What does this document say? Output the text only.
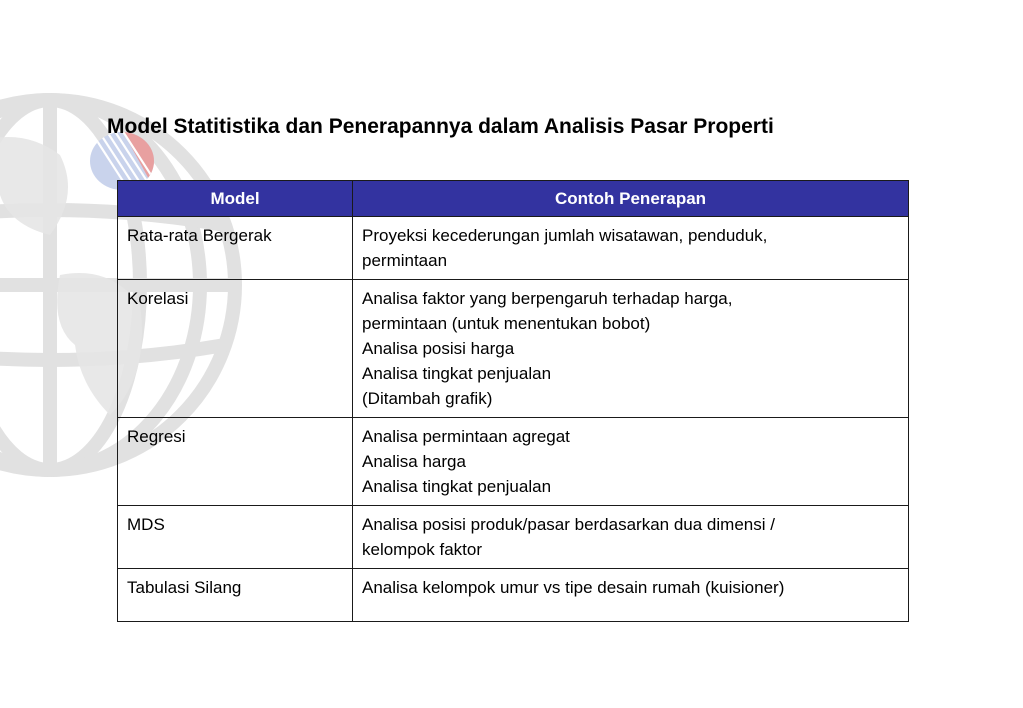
Model Statitistika dan Penerapannya dalam Analisis Pasar Properti
Model	Contoh Penerapan
Rata-rata Bergerak	Proyeksi kecederungan jumlah wisatawan, penduduk,
permintaan

Korelasi	Analisa faktor yang berpengaruh terhadap harga,
permintaan (untuk menentukan bobot)
Analisa posisi harga
Analisa tingkat penjualan
(Ditambah grafik)

Regresi	Analisa permintaan agregat
Analisa harga
Analisa tingkat penjualan

MDS	Analisa posisi produk/pasar berdasarkan dua dimensi /
kelompok faktor

Tabulasi Silang	Analisa kelompok umur vs tipe desain rumah (kuisioner)
